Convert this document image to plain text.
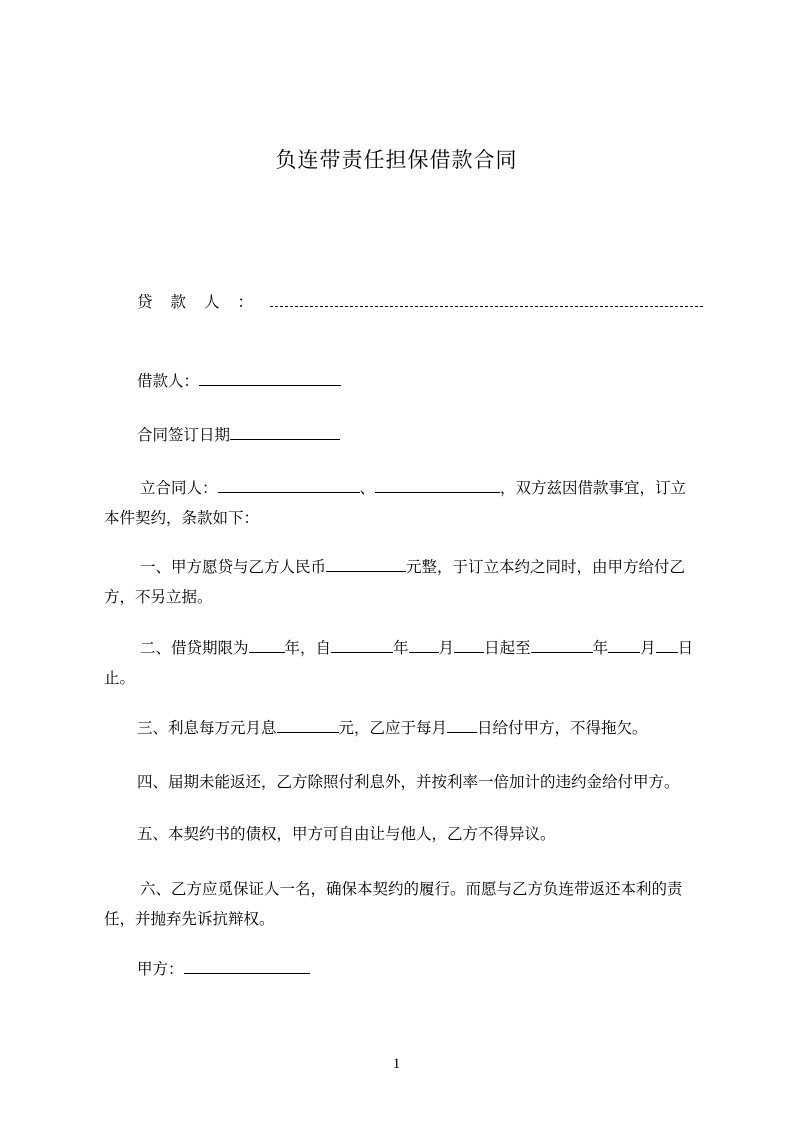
负连带责任担保借款合同
贷款人：
借款人：
合同签订日期
立合同人：	、	，双方兹因借款事宜，订立本件契约，条款如下：
一、甲方愿贷与乙方人民币	元整，于订立本约之同时，由甲方给付乙方，不另立据。
二、借贷期限为 年，自	年 月 日起至	年 月 日止。
三、利息每万元月息	元，乙应于每月 日给付甲方，不得拖欠。
四、届期未能返还，乙方除照付利息外，并按利率一倍加计的违约金给付甲方。
五、本契约书的债权，甲方可自由让与他人，乙方不得异议。
六、乙方应觅保证人一名，确保本契约的履行。而愿与乙方负连带返还本利的责任，并抛弃先诉抗辩权。
甲方：
1
